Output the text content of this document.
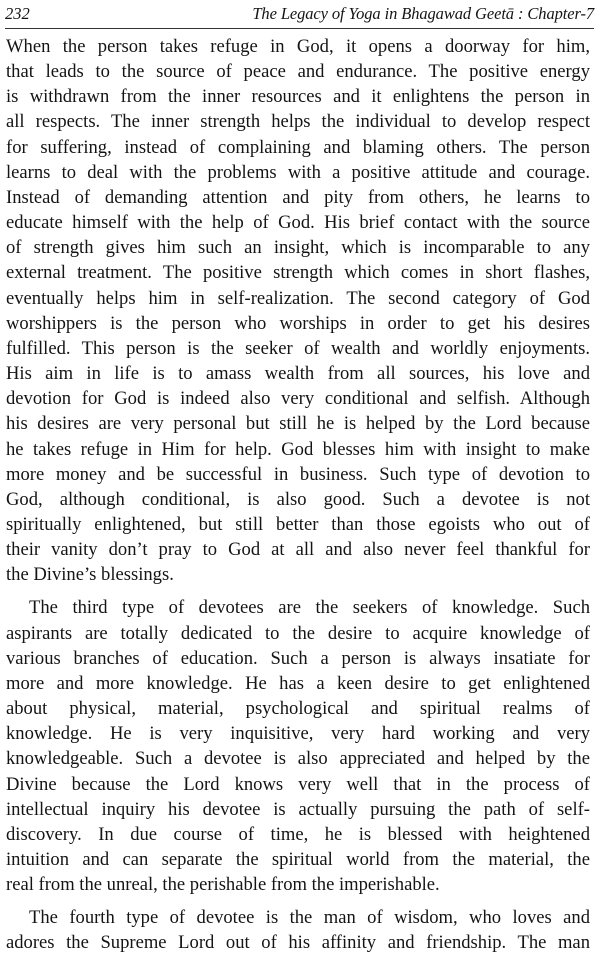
232	The Legacy of Yoga in Bhagawad Geetā : Chapter-7
When the person takes refuge in God, it opens a doorway for him,
that leads to the source of peace and endurance. The positive energy
is withdrawn from the inner resources and it enlightens the person in
all respects. The inner strength helps the individual to develop respect
for suffering, instead of complaining and blaming others. The person
learns to deal with the problems with a positive attitude and courage.
Instead of demanding attention and pity from others, he learns to
educate himself with the help of God. His brief contact with the source
of strength gives him such an insight, which is incomparable to any
external treatment. The positive strength which comes in short flashes,
eventually helps him in self-realization. The second category of God
worshippers is the person who worships in order to get his desires
fulfilled. This person is the seeker of wealth and worldly enjoyments.
His aim in life is to amass wealth from all sources, his love and
devotion for God is indeed also very conditional and selfish. Although
his desires are very personal but still he is helped by the Lord because
he takes refuge in Him for help. God blesses him with insight to make
more money and be successful in business. Such type of devotion to
God, although conditional, is also good. Such a devotee is not
spiritually enlightened, but still better than those egoists who out of
their vanity don’t pray to God at all and also never feel thankful for
the Divine’s blessings.
The third type of devotees are the seekers of knowledge. Such
aspirants are totally dedicated to the desire to acquire knowledge of
various branches of education. Such a person is always insatiate for
more and more knowledge. He has a keen desire to get enlightened
about physical, material, psychological and spiritual realms of
knowledge. He is very inquisitive, very hard working and very
knowledgeable. Such a devotee is also appreciated and helped by the
Divine because the Lord knows very well that in the process of
intellectual inquiry his devotee is actually pursuing the path of self-
discovery. In due course of time, he is blessed with heightened
intuition and can separate the spiritual world from the material, the
real from the unreal, the perishable from the imperishable.
The fourth type of devotee is the man of wisdom, who loves and
adores the Supreme Lord out of his affinity and friendship. The man
